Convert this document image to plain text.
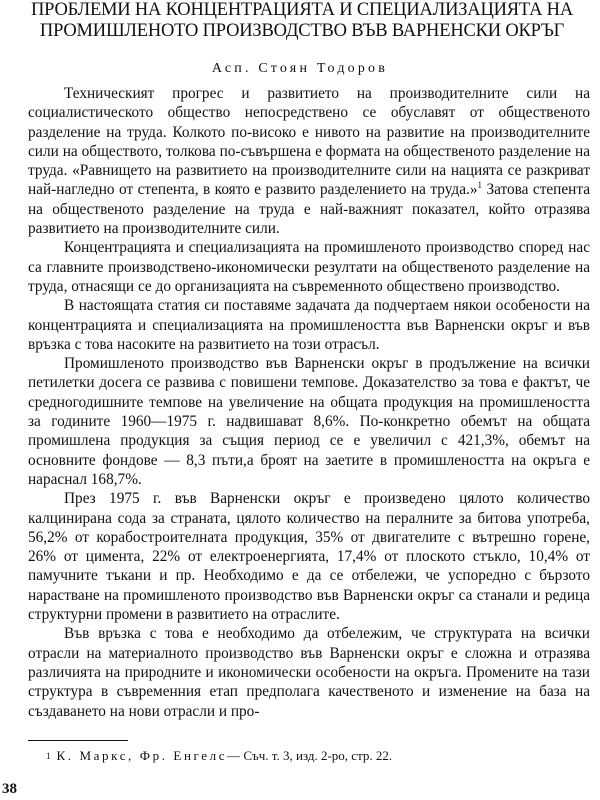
ПРОБЛЕМИ НА КОНЦЕНТРАЦИЯТА И СПЕЦИАЛИЗАЦИЯТА НА
ПРОМИШЛЕНОТО ПРОИЗВОДСТВО ВЪВ ВАРНЕНСКИ ОКРЪГ
Асп. Стоян Тодоров

Техническият прогрес и развитието на производителните сили на социалистическото общество непосредствено се обуславят от общественото разделение на труда. Колкото по-високо е нивото на развитие на производителните сили на обществото, толкова по-съвършена е формата на общественото разделение на труда. «Равнището на развитието на производителните сили на нацията се разкриват най-нагледно от степента, в която е развито разделението на труда.»$^1$ Затова степента на общественото разделение на труда е най-важният показател, който отразява развитието на производителните сили.

Концентрацията и специализацията на промишленото производство според нас са главните производствено-икономически резултати на общественото разделение на труда, отнасящи се до организацията на съвременното обществено производство.

В настоящата статия си поставяме задачата да подчертаем някои особености на концентрацията и специализацията на промишлеността във Варненски окръг и във връзка с това насоките на развитието на този отрасъл.

Промишленото производство във Варненски окръг в продължение на всички петилетки досега се развива с повишени темпове. Доказателство за това е фактът, че средногодишните темпове на увеличение на общата продукция на промишлеността за годините 1960—1975 г. надвишават 8,6%. По-конкретно обемът на общата промишлена продукция за същия период се е увеличил с 421,3%, обемът на основните фондове — 8,3 пъти,а броят на заетите в промишлеността на окръга е нараснал 168,7%.

През 1975 г. във Варненски окръг е произведено цялото количество калцинирана сода за страната, цялото количество на пералните за битова употреба, 56,2% от корабостроителната продукция, 35% от двигателите с вътрешно горене, 26% от цимента, 22% от електроенергията, 17,4% от плоското стъкло, 10,4% от памучните тъкани и пр. Необходимо е да се отбележи, че успоредно с бързото нарастване на промишленото производство във Варненски окръг са станали и редица структурни промени в развитието на отраслите.

Във връзка с това е необходимо да отбележим, че структурата на всички отрасли на материалното производство във Варненски окръг е сложна и отразява различията на природните и икономически особености на окръга. Промените на тази структура в съвременния етап предполага качественото и изменение на база на създаването на нови отрасли и про-

$^1$ К. Маркс, Фр. Енгелс— Съч. т. 3, изд. 2-ро, стр. 22.
38
